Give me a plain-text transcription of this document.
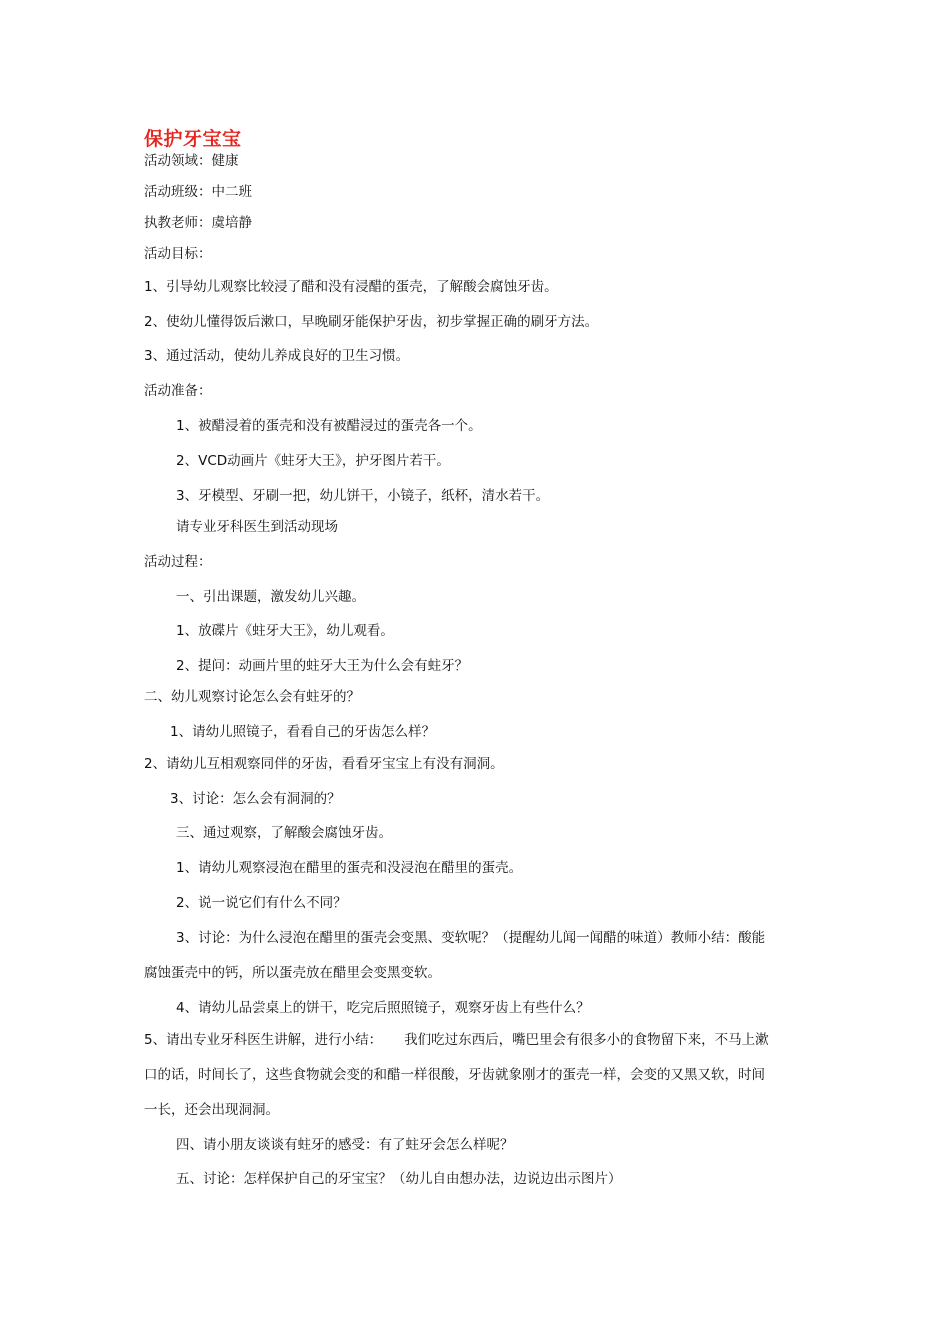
保护牙宝宝
活动领域：健康
活动班级：中二班
执教老师：虞培静
活动目标：
1、引导幼儿观察比较浸了醋和没有浸醋的蛋壳，了解酸会腐蚀牙齿。
2、使幼儿懂得饭后漱口，早晚刷牙能保护牙齿，初步掌握正确的刷牙方法。
3、通过活动，使幼儿养成良好的卫生习惯。
活动准备：
1、被醋浸着的蛋壳和没有被醋浸过的蛋壳各一个。
2、VCD动画片《蛀牙大王》，护牙图片若干。
3、牙模型、牙刷一把，幼儿饼干，小镜子，纸杯，清水若干。
请专业牙科医生到活动现场
活动过程：
一、引出课题，激发幼儿兴趣。
1、放碟片《蛀牙大王》，幼儿观看。
2、提问：动画片里的蛀牙大王为什么会有蛀牙？
二、幼儿观察讨论怎么会有蛀牙的？
1、请幼儿照镜子，看看自己的牙齿怎么样？
2、请幼儿互相观察同伴的牙齿，看看牙宝宝上有没有洞洞。
3、讨论：怎么会有洞洞的？
三、通过观察，了解酸会腐蚀牙齿。
1、请幼儿观察浸泡在醋里的蛋壳和没浸泡在醋里的蛋壳。
2、说一说它们有什么不同？
3、讨论：为什么浸泡在醋里的蛋壳会变黑、变软呢？（提醒幼儿闻一闻醋的味道）教师小结：酸能
腐蚀蛋壳中的钙，所以蛋壳放在醋里会变黑变软。
4、请幼儿品尝桌上的饼干，吃完后照照镜子，观察牙齿上有些什么？
5、请出专业牙科医生讲解，进行小结： 我们吃过东西后，嘴巴里会有很多小的食物留下来，不马上漱
口的话，时间长了，这些食物就会变的和醋一样很酸，牙齿就象刚才的蛋壳一样，会变的又黑又软，时间
一长，还会出现洞洞。
四、请小朋友谈谈有蛀牙的感受：有了蛀牙会怎么样呢？
五、讨论：怎样保护自己的牙宝宝？（幼儿自由想办法，边说边出示图片）
